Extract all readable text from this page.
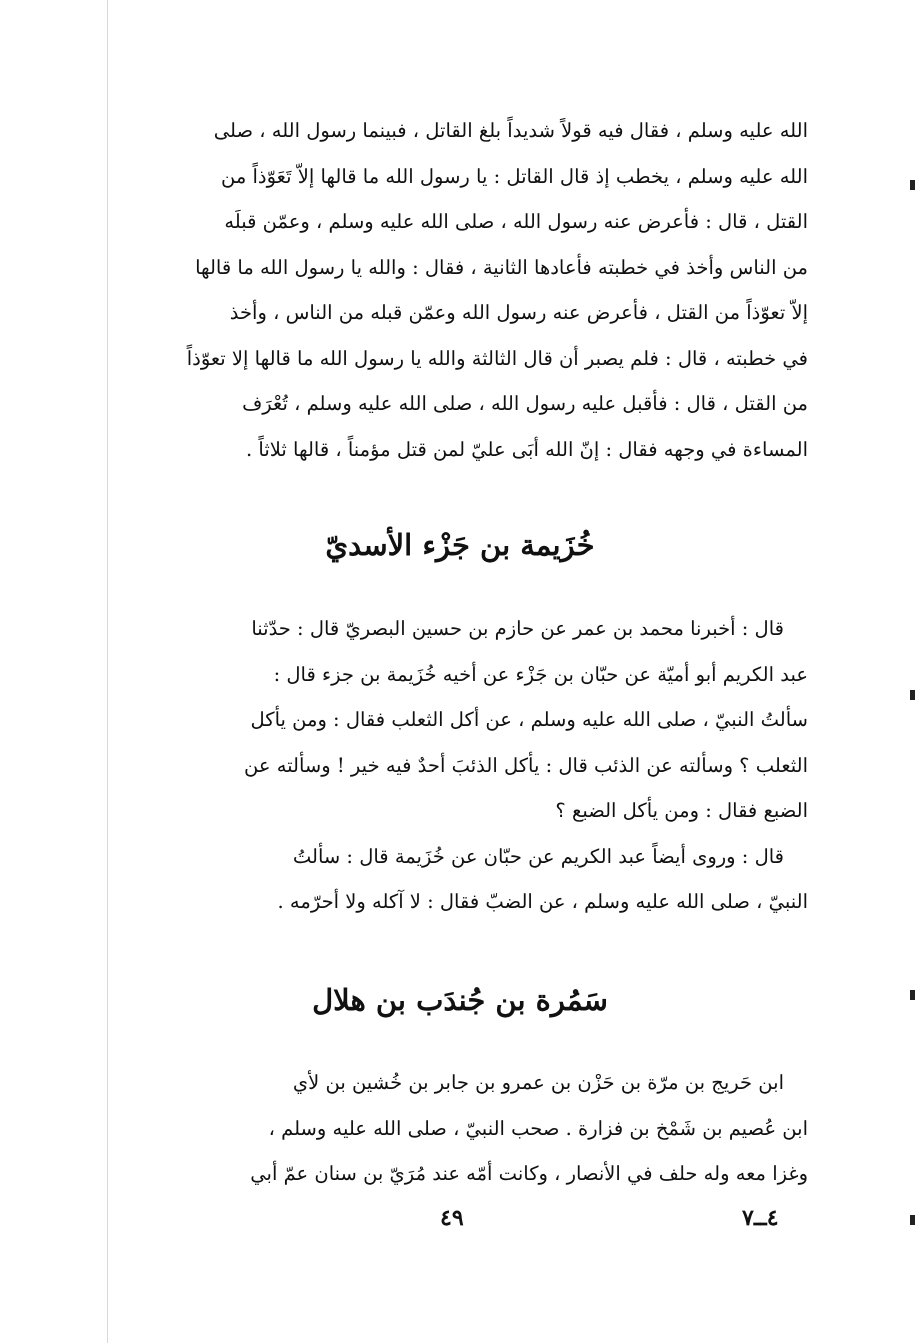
الله عليه وسلم ، فقال فيه قولاً شديداً بلغ القاتل ، فبينما رسول الله ، صلى

الله عليه وسلم ، يخطب إذ قال القاتل : يا رسول الله ما قالها إلاّ تَعَوّذاً من

القتل ، قال : فأعرض عنه رسول الله ، صلى الله عليه وسلم ، وعمّن قبلَه

من الناس وأخذ في خطبته فأعادها الثانية ، فقال : والله يا رسول الله ما قالها

إلاّ تعوّذاً من القتل ، فأعرض عنه رسول الله وعمّن قبله من الناس ، وأخذ

في خطبته ، قال : فلم يصبر أن قال الثالثة والله يا رسول الله ما قالها إلا تعوّذاً

من القتل ، قال : فأقبل عليه رسول الله ، صلى الله عليه وسلم ، تُعْرَف

المساءة في وجهه فقال : إنّ الله أبَى عليّ لمن قتل مؤمناً ، قالها ثلاثاً .

خُزَيمة بن جَزْء الأسديّ

قال : أخبرنا محمد بن عمر عن حازم بن حسين البصريّ قال : حدّثنا

عبد الكريم أبو أميّة عن حبّان بن جَزْء عن أخيه خُزَيمة بن جزء قال :

سألتُ النبيّ ، صلى الله عليه وسلم ، عن أكل الثعلب فقال : ومن يأكل

الثعلب ؟ وسألته عن الذئب قال : يأكل الذئبَ أحدٌ فيه خير ! وسألته عن

الضبع فقال : ومن يأكل الضبع ؟

قال : وروى أيضاً عبد الكريم عن حبّان عن خُزَيمة قال : سألتُ

النبيّ ، صلى الله عليه وسلم ، عن الضبّ فقال : لا آكله ولا أحرّمه .

سَمُرة بن جُندَب بن هلال

ابن حَريج بن مرّة بن حَزْن بن عمرو بن جابر بن خُشين بن لأي

ابن عُصيم بن شَمْخ بن فزارة . صحب النبيّ ، صلى الله عليه وسلم ،

وغزا معه وله حلف في الأنصار ، وكانت أمّه عند مُرَيّ بن سنان عمّ أبي

٤٩	٤ــ٧
